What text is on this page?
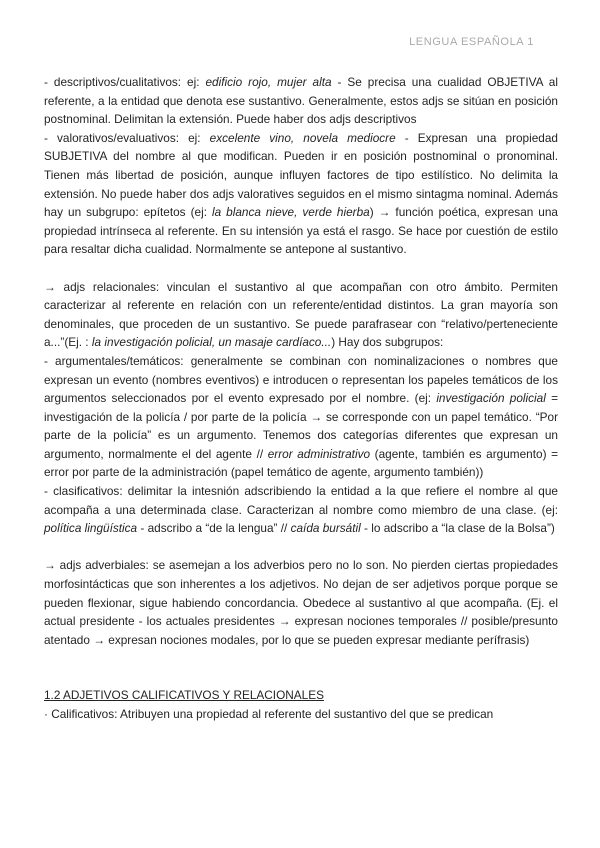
LENGUA ESPAÑOLA 1

- descriptivos/cualitativos: ej: edificio rojo, mujer alta - Se precisa una cualidad OBJETIVA al referente, a la entidad que denota ese sustantivo. Generalmente, estos adjs se sitúan en posición postnominal. Delimitan la extensión. Puede haber dos adjs descriptivos

- valorativos/evaluativos: ej: excelente vino, novela mediocre - Expresan una propiedad SUBJETIVA del nombre al que modifican. Pueden ir en posición postnominal o pronominal. Tienen más libertad de posición, aunque influyen factores de tipo estilístico. No delimita la extensión. No puede haber dos adjs valoratives seguidos en el mismo sintagma nominal. Además hay un subgrupo: epítetos (ej: la blanca nieve, verde hierba) → función poética, expresan una propiedad intrínseca al referente. En su intensión ya está el rasgo. Se hace por cuestión de estilo para resaltar dicha cualidad. Normalmente se antepone al sustantivo.

→ adjs relacionales: vinculan el sustantivo al que acompañan con otro ámbito. Permiten caracterizar al referente en relación con un referente/entidad distintos. La gran mayoría son denominales, que proceden de un sustantivo. Se puede parafrasear con “relativo/perteneciente a...”(Ej. : la investigación policial, un masaje cardíaco...) Hay dos subgrupos:

- argumentales/temáticos: generalmente se combinan con nominalizaciones o nombres que expresan un evento (nombres eventivos) e introducen o representan los papeles temáticos de los argumentos seleccionados por el evento expresado por el nombre. (ej: investigación policial = investigación de la policía / por parte de la policía → se corresponde con un papel temático. “Por parte de la policía” es un argumento. Tenemos dos categorías diferentes que expresan un argumento, normalmente el del agente // error administrativo (agente, también es argumento) = error por parte de la administración (papel temático de agente, argumento también))

- clasificativos: delimitar la intesnión adscribiendo la entidad a la que refiere el nombre al que acompaña a una determinada clase. Caracterizan al nombre como miembro de una clase. (ej: política lingüística - adscribo a “de la lengua” // caída bursátil - lo adscribo a “la clase de la Bolsa”)

→ adjs adverbiales: se asemejan a los adverbios pero no lo son. No pierden ciertas propiedades morfosintácticas que son inherentes a los adjetivos. No dejan de ser adjetivos porque porque se pueden flexionar, sigue habiendo concordancia. Obedece al sustantivo al que acompaña. (Ej. el actual presidente - los actuales presidentes → expresan nociones temporales // posible/presunto atentado → expresan nociones modales, por lo que se pueden expresar mediante perífrasis)

1.2 ADJETIVOS CALIFICATIVOS Y RELACIONALES

· Calificativos: Atribuyen una propiedad al referente del sustantivo del que se predican
